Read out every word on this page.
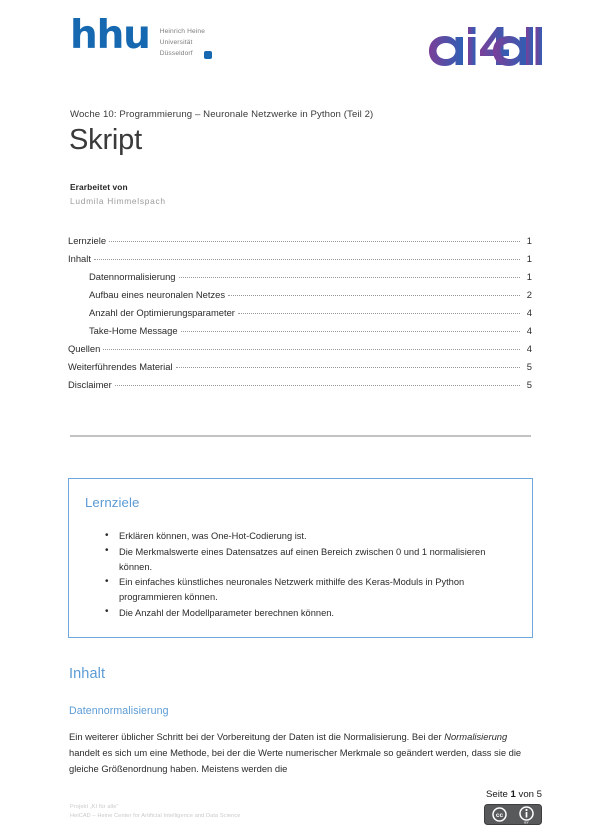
hhu Heinrich Heine
Universität
Düsseldorf
Woche 10: Programmierung – Neuronale Netzwerke in Python (Teil 2)
Skript
Erarbeitet von
Ludmila Himmelspach
Lernziele	1
Inhalt	1
Datennormalisierung	1
Aufbau eines neuronalen Netzes	2
Anzahl der Optimierungsparameter	4
Take-Home Message	4
Quellen	4
Weiterführendes Material	5
Disclaimer	5
Lernziele
• Erklären können, was One-Hot-Codierung ist.
• Die Merkmalswerte eines Datensatzes auf einen Bereich zwischen 0 und 1 normalisieren können.
• Ein einfaches künstliches neuronales Netzwerk mithilfe des Keras-Moduls in Python programmieren können.
• Die Anzahl der Modellparameter berechnen können.
Inhalt
Datennormalisierung
Ein weiterer üblicher Schritt bei der Vorbereitung der Daten ist die Normalisierung. Bei der Normalisierung handelt es sich um eine Methode, bei der die Werte numerischer Merkmale so geändert werden, dass sie die gleiche Größenordnung haben. Meistens werden die
Projekt „KI für alle“
HeiCAD – Heine Center for Artificial Intelligence and Data Science
Seite 1 von 5
cc
BY
